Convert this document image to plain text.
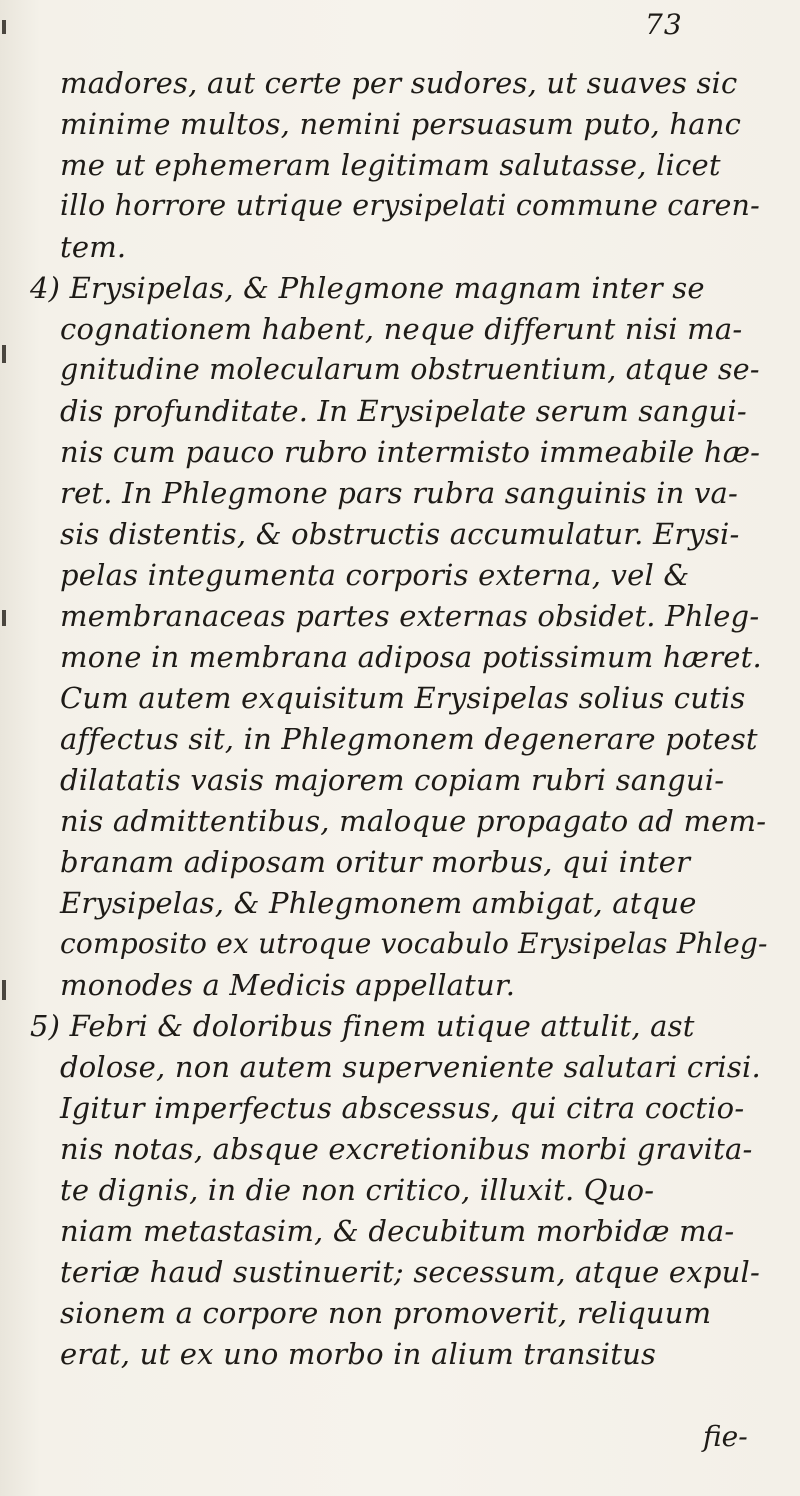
73
madores, aut certe per sudores, ut suaves sic
minime multos, nemini persuasum puto, hanc
me ut ephemeram legitimam salutasse, licet
illo horrore utrique erysipelati commune caren-
tem.
4) Erysipelas, & Phlegmone magnam inter se
cognationem habent, neque differunt nisi ma-
gnitudine molecularum obstruentium, atque se-
dis profunditate. In Erysipelate serum sangui-
nis cum pauco rubro intermisto immeabile hæ-
ret. In Phlegmone pars rubra sanguinis in va-
sis distentis, & obstructis accumulatur. Erysi-
pelas integumenta corporis externa, vel &
membranaceas partes externas obsidet. Phleg-
mone in membrana adiposa potissimum hæret.
Cum autem exquisitum Erysipelas solius cutis
affectus sit, in Phlegmonem degenerare potest
dilatatis vasis majorem copiam rubri sangui-
nis admittentibus, maloque propagato ad mem-
branam adiposam oritur morbus, qui inter
Erysipelas, & Phlegmonem ambigat, atque
composito ex utroque vocabulo Erysipelas Phleg-
monodes a Medicis appellatur.
5) Febri & doloribus finem utique attulit, ast
dolose, non autem superveniente salutari crisi.
Igitur imperfectus abscessus, qui citra coctio-
nis notas, absque excretionibus morbi gravita-
te dignis, in die non critico, illuxit. Quo-
niam metastasim, & decubitum morbidæ ma-
teriæ haud sustinuerit; secessum, atque expul-
sionem a corpore non promoverit, reliquum
erat, ut ex uno morbo in alium transitus
fie-
